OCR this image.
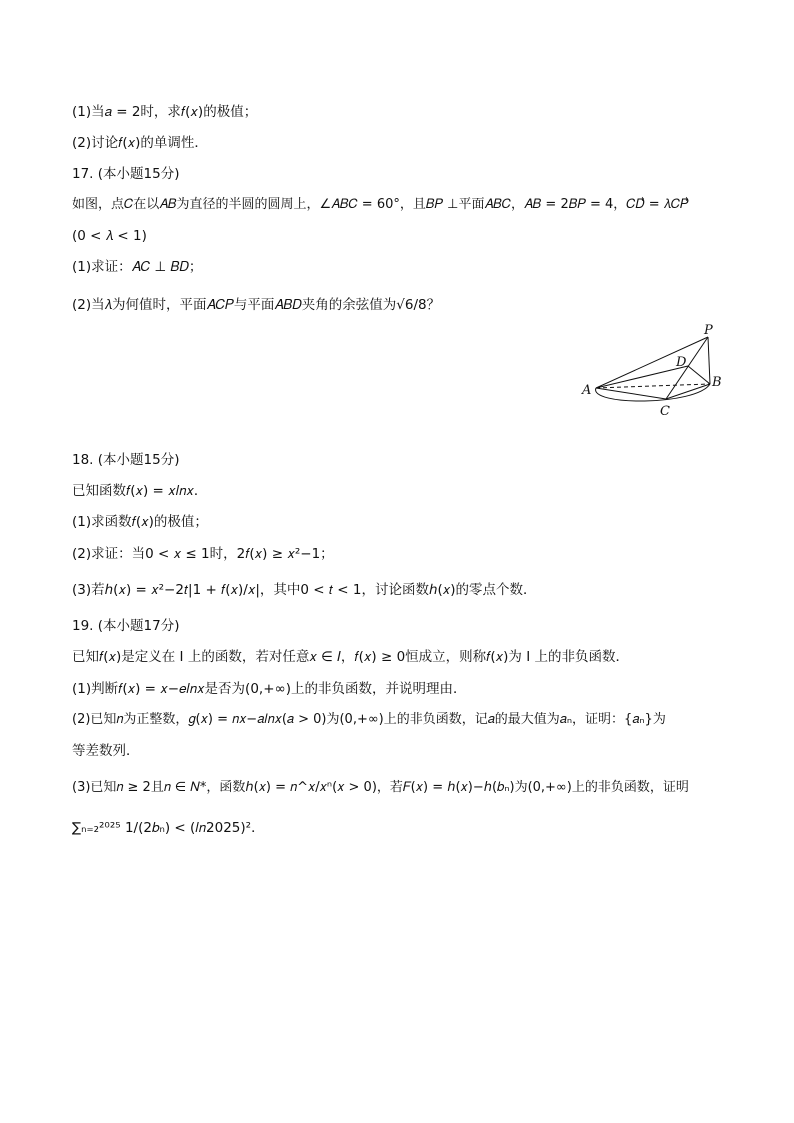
(1)当𝑎 = 2时，求𝑓(𝑥)的极值；
(2)讨论𝑓(𝑥)的单调性．
17. (本小题15分)
如图，点𝐶在以𝐴𝐵为直径的半圆的圆周上，∠𝐴𝐵𝐶 = 60°，且𝐵𝑃 ⊥平面𝐴𝐵𝐶，𝐴𝐵 = 2𝐵𝑃 = 4，𝐶𝐷⃗ = 𝜆𝐶𝑃⃗
(0 < 𝜆 < 1)
(1)求证：𝐴𝐶 ⊥ 𝐵𝐷；
(2)当𝜆为何值时，平面𝐴𝐶𝑃与平面𝐴𝐵𝐷夹角的余弦值为√6/8？
P
D
B
A
C
18. (本小题15分)
已知函数𝑓(𝑥) = 𝑥𝑙𝑛𝑥．
(1)求函数𝑓(𝑥)的极值；
(2)求证：当0 < 𝑥 ≤ 1时，2𝑓(𝑥) ≥ 𝑥²−1；
(3)若ℎ(𝑥) = 𝑥²−2𝑡|1 + 𝑓(𝑥)/𝑥|，其中0 < 𝑡 < 1，讨论函数ℎ(𝑥)的零点个数．
19. (本小题17分)
已知𝑓(𝑥)是定义在 I 上的函数，若对任意𝑥 ∈ 𝐼，𝑓(𝑥) ≥ 0恒成立，则称𝑓(𝑥)为 I 上的非负函数．
(1)判断𝑓(𝑥) = 𝑥−𝑒𝑙𝑛𝑥是否为(0,+∞)上的非负函数，并说明理由．
(2)已知𝑛为正整数，𝑔(𝑥) = 𝑛𝑥−𝑎𝑙𝑛𝑥(𝑎 > 0)为(0,+∞)上的非负函数，记𝑎的最大值为𝑎ₙ，证明：{𝑎ₙ}为
等差数列．
(3)已知𝑛 ≥ 2且𝑛 ∈ 𝑁*，函数ℎ(𝑥) = 𝑛^𝑥/𝑥ⁿ(𝑥 > 0)，若𝐹(𝑥) = ℎ(𝑥)−ℎ(𝑏ₙ)为(0,+∞)上的非负函数，证明
∑ₙ₌₂²⁰²⁵ 1/(2𝑏ₙ) < (𝑙𝑛2025)²．
